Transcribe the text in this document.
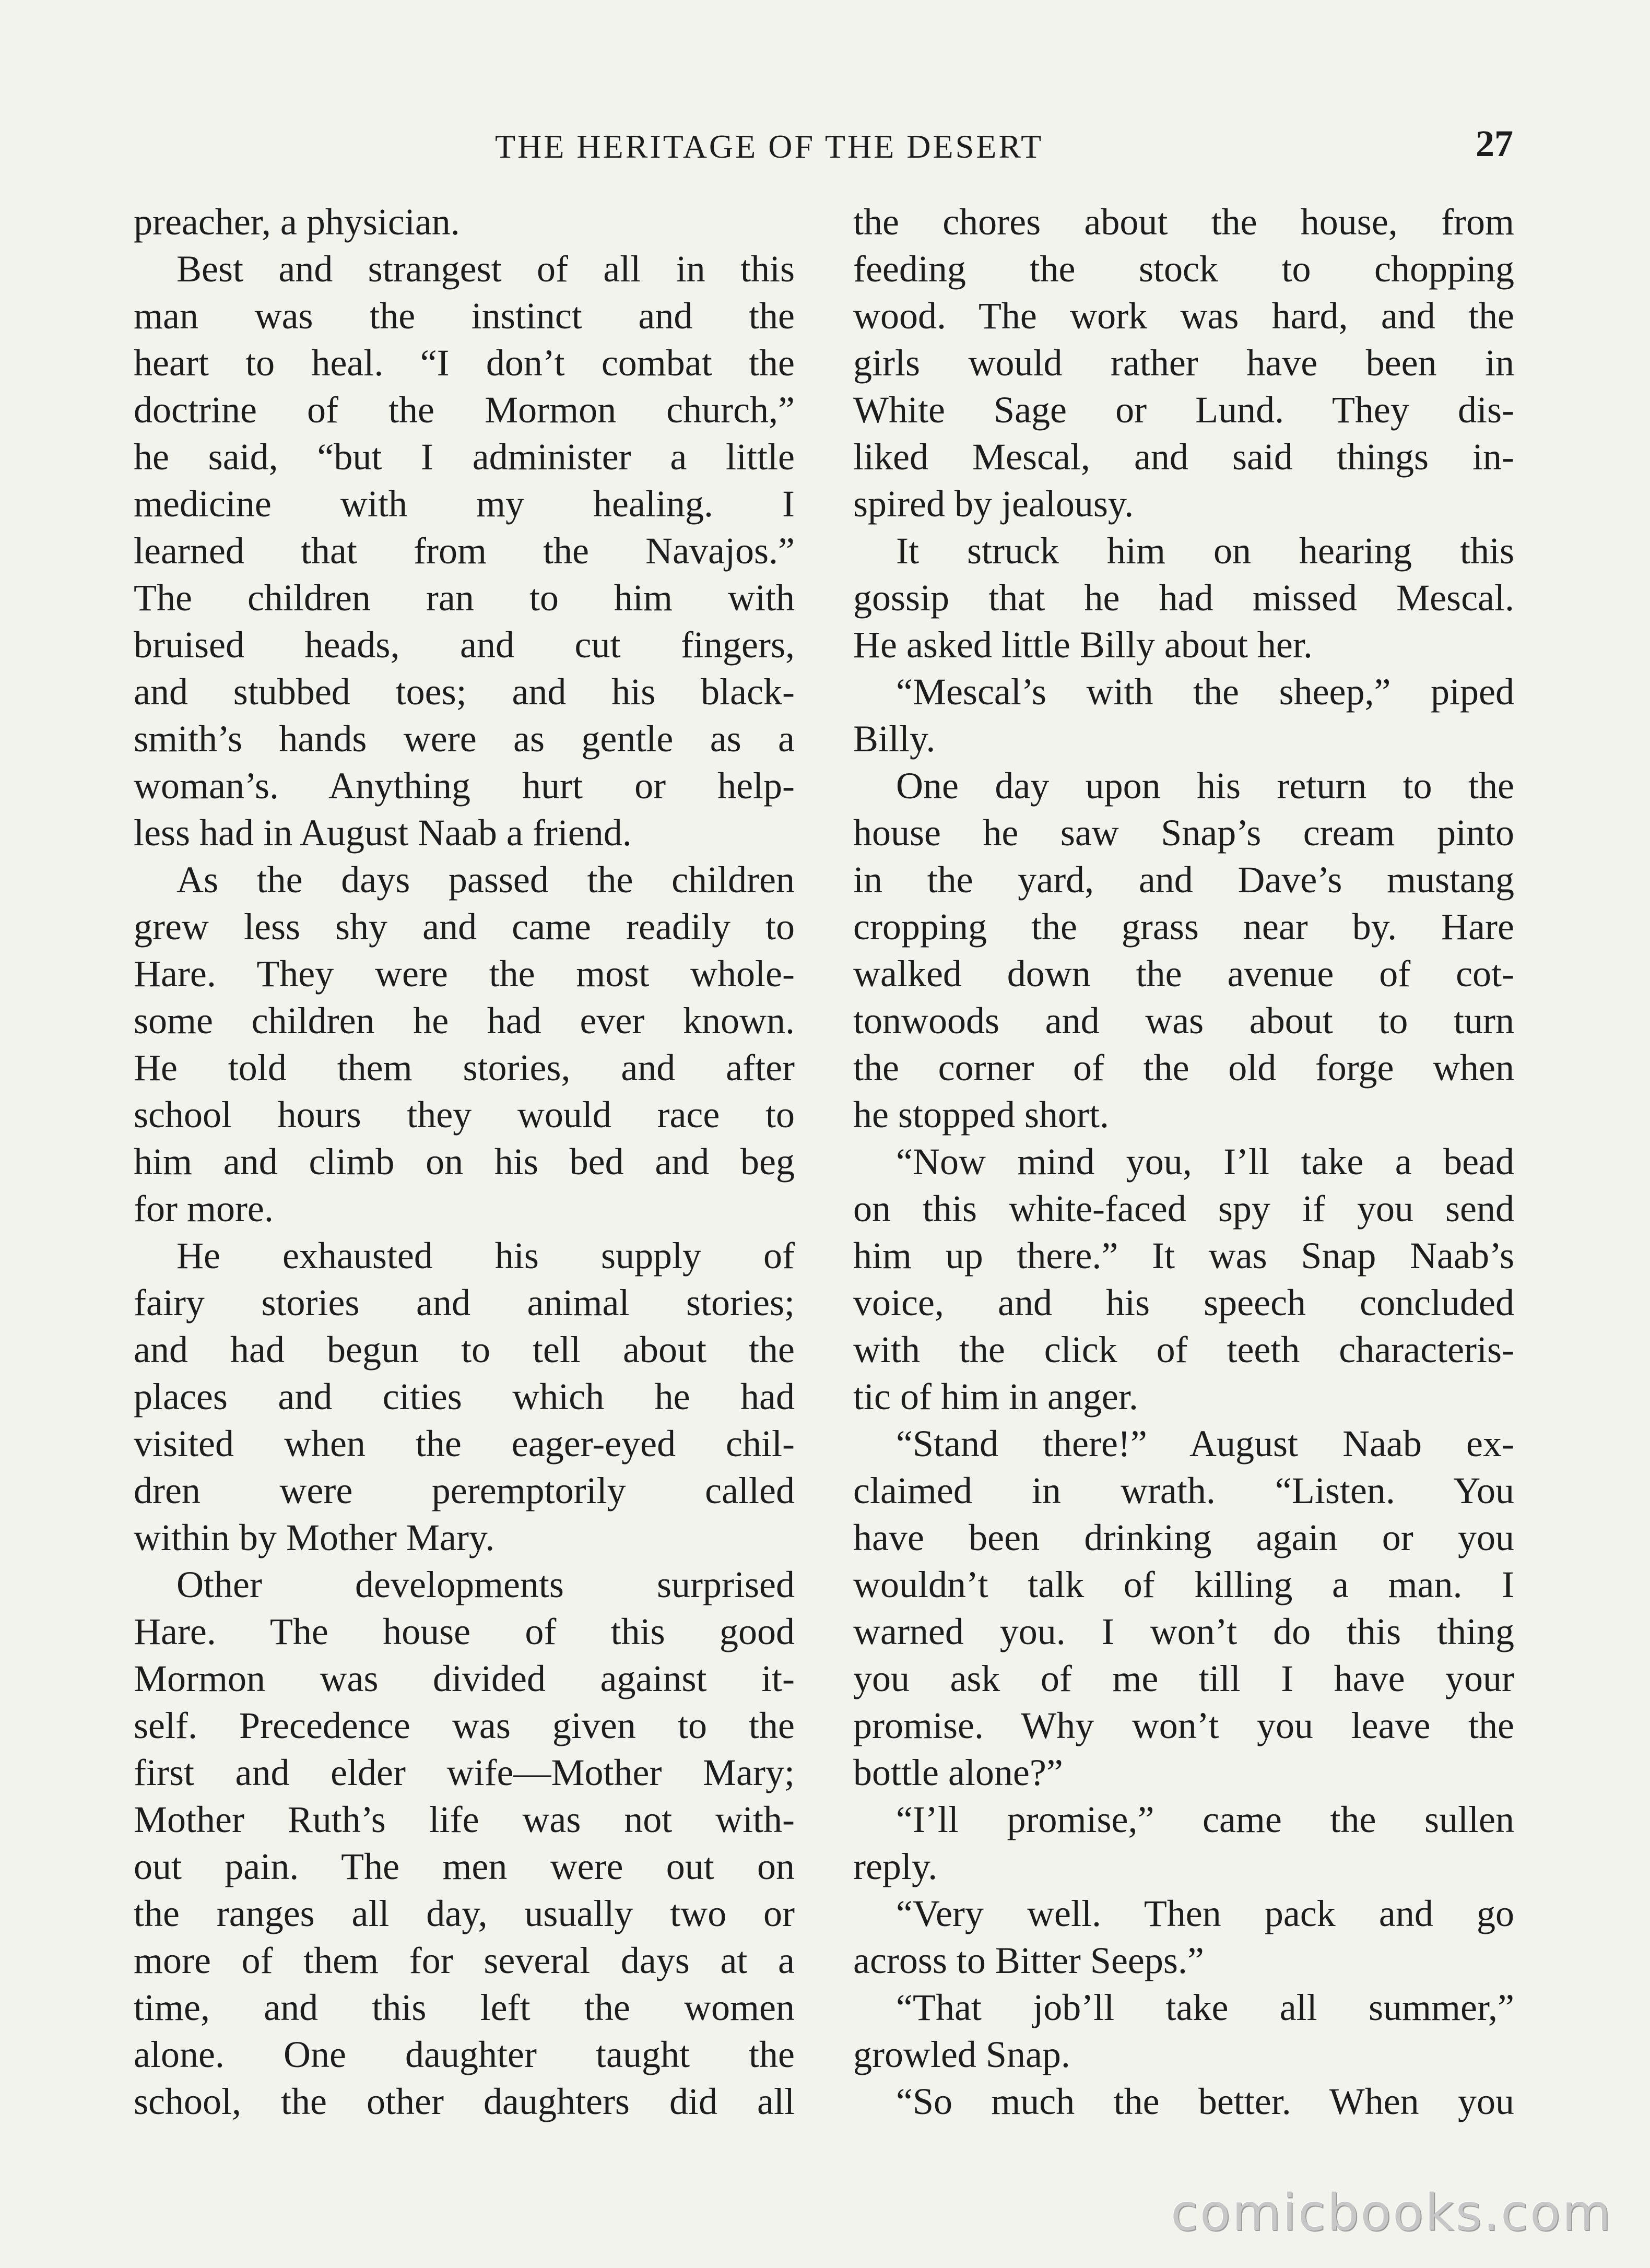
THE HERITAGE OF THE DESERT	27
preacher, a physician.
Best and strangest of all in this
man was the instinct and the
heart to heal. “I don’t combat the
doctrine of the Mormon church,”
he said, “but I administer a little
medicine with my healing. I
learned that from the Navajos.”
The children ran to him with
bruised heads, and cut fingers,
and stubbed toes; and his black-
smith’s hands were as gentle as a
woman’s. Anything hurt or help-
less had in August Naab a friend.
As the days passed the children
grew less shy and came readily to
Hare. They were the most whole-
some children he had ever known.
He told them stories, and after
school hours they would race to
him and climb on his bed and beg
for more.
He exhausted his supply of
fairy stories and animal stories;
and had begun to tell about the
places and cities which he had
visited when the eager-eyed chil-
dren were peremptorily called
within by Mother Mary.
Other developments surprised
Hare. The house of this good
Mormon was divided against it-
self. Precedence was given to the
first and elder wife—Mother Mary;
Mother Ruth’s life was not with-
out pain. The men were out on
the ranges all day, usually two or
more of them for several days at a
time, and this left the women
alone. One daughter taught the
school, the other daughters did all
the chores about the house, from
feeding the stock to chopping
wood. The work was hard, and the
girls would rather have been in
White Sage or Lund. They dis-
liked Mescal, and said things in-
spired by jealousy.
It struck him on hearing this
gossip that he had missed Mescal.
He asked little Billy about her.
“Mescal’s with the sheep,” piped
Billy.
One day upon his return to the
house he saw Snap’s cream pinto
in the yard, and Dave’s mustang
cropping the grass near by. Hare
walked down the avenue of cot-
tonwoods and was about to turn
the corner of the old forge when
he stopped short.
“Now mind you, I’ll take a bead
on this white-faced spy if you send
him up there.” It was Snap Naab’s
voice, and his speech concluded
with the click of teeth characteris-
tic of him in anger.
“Stand there!” August Naab ex-
claimed in wrath. “Listen. You
have been drinking again or you
wouldn’t talk of killing a man. I
warned you. I won’t do this thing
you ask of me till I have your
promise. Why won’t you leave the
bottle alone?”
“I’ll promise,” came the sullen
reply.
“Very well. Then pack and go
across to Bitter Seeps.”
“That job’ll take all summer,”
growled Snap.
“So much the better. When you
comicbooks.com
